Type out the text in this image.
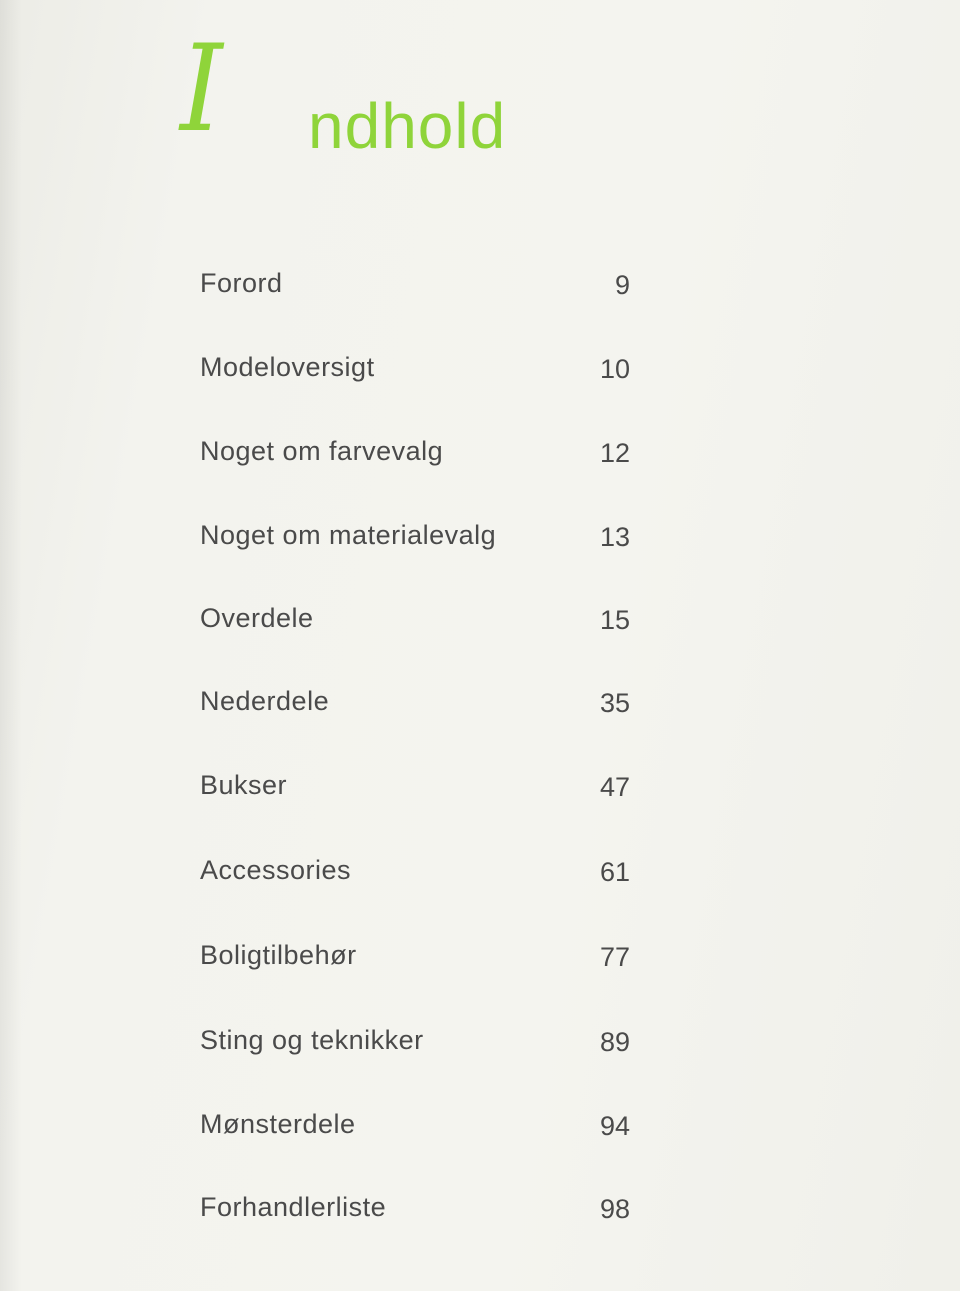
I ndhold
Forord	9
Modeloversigt	10
Noget om farvevalg	12
Noget om materialevalg	13
Overdele	15
Nederdele	35
Bukser	47
Accessories	61
Boligtilbehør	77
Sting og teknikker	89
Mønsterdele	94
Forhandlerliste	98
